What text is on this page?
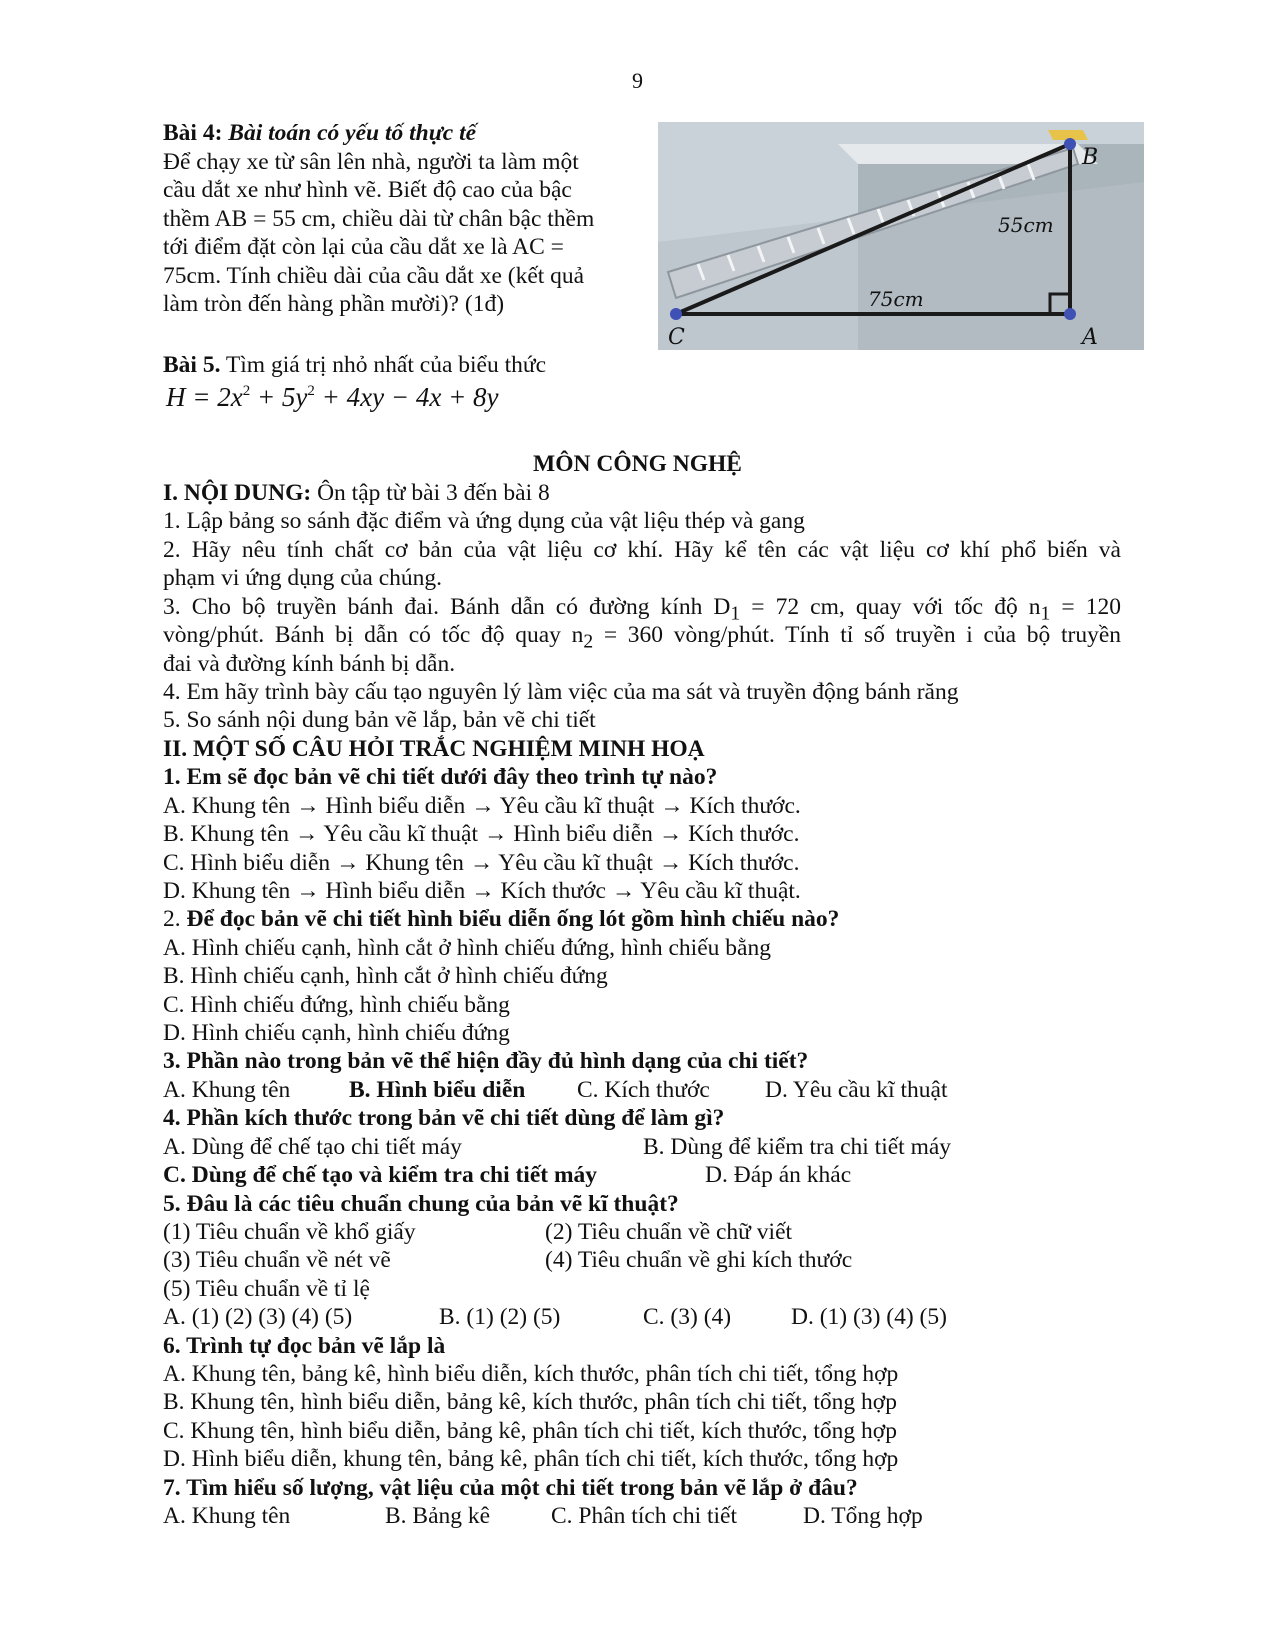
9
Bài 4: Bài toán có yếu tố thực tế
Để chạy xe từ sân lên nhà, người ta làm một
cầu dắt xe như hình vẽ. Biết độ cao của bậc
thềm AB = 55 cm, chiều dài từ chân bậc thềm
tới điểm đặt còn lại của cầu dắt xe là AC =
75cm. Tính chiều dài của cầu dắt xe (kết quả
làm tròn đến hàng phần mười)? (1đ)
B
A
C
55cm
75cm
Bài 5. Tìm giá trị nhỏ nhất của biểu thức
$H = 2x^2 + 5y^2 + 4xy - 4x + 8y$
MÔN CÔNG NGHỆ
I. NỘI DUNG: Ôn tập từ bài 3 đến bài 8
1. Lập bảng so sánh đặc điểm và ứng dụng của vật liệu thép và gang
2. Hãy nêu tính chất cơ bản của vật liệu cơ khí. Hãy kể tên các vật liệu cơ khí phổ biến và
phạm vi ứng dụng của chúng.
3. Cho bộ truyền bánh đai. Bánh dẫn có đường kính $D_1 = 72$ cm, quay với tốc độ $n_1 = 120$
vòng/phút. Bánh bị dẫn có tốc độ quay $n_2 = 360$ vòng/phút. Tính tỉ số truyền i của bộ truyền
đai và đường kính bánh bị dẫn.
4. Em hãy trình bày cấu tạo nguyên lý làm việc của ma sát và truyền động bánh răng
5. So sánh nội dung bản vẽ lắp, bản vẽ chi tiết
II. MỘT SỐ CÂU HỎI TRẮC NGHIỆM MINH HOẠ
1. Em sẽ đọc bản vẽ chi tiết dưới đây theo trình tự nào?
A. Khung tên → Hình biểu diễn → Yêu cầu kĩ thuật → Kích thước.
B. Khung tên → Yêu cầu kĩ thuật → Hình biểu diễn → Kích thước.
C. Hình biểu diễn → Khung tên → Yêu cầu kĩ thuật → Kích thước.
D. Khung tên → Hình biểu diễn → Kích thước → Yêu cầu kĩ thuật.
2. Để đọc bản vẽ chi tiết hình biểu diễn ống lót gồm hình chiếu nào?
A. Hình chiếu cạnh, hình cắt ở hình chiếu đứng, hình chiếu bằng
B. Hình chiếu cạnh, hình cắt ở hình chiếu đứng
C. Hình chiếu đứng, hình chiếu bằng
D. Hình chiếu cạnh, hình chiếu đứng
3. Phần nào trong bản vẽ thể hiện đầy đủ hình dạng của chi tiết?
A. Khung tên B. Hình biểu diễn C. Kích thước D. Yêu cầu kĩ thuật
4. Phần kích thước trong bản vẽ chi tiết dùng để làm gì?
A. Dùng để chế tạo chi tiết máy	B. Dùng để kiểm tra chi tiết máy
C. Dùng để chế tạo và kiểm tra chi tiết máy	D. Đáp án khác
5. Đâu là các tiêu chuẩn chung của bản vẽ kĩ thuật?
(1) Tiêu chuẩn về khổ giấy	(2) Tiêu chuẩn về chữ viết
(3) Tiêu chuẩn về nét vẽ	(4) Tiêu chuẩn về ghi kích thước
(5) Tiêu chuẩn về tỉ lệ
A. (1) (2) (3) (4) (5)	B. (1) (2) (5)	C. (3) (4)	D. (1) (3) (4) (5)
6. Trình tự đọc bản vẽ lắp là
A. Khung tên, bảng kê, hình biểu diễn, kích thước, phân tích chi tiết, tổng hợp
B. Khung tên, hình biểu diễn, bảng kê, kích thước, phân tích chi tiết, tổng hợp
C. Khung tên, hình biểu diễn, bảng kê, phân tích chi tiết, kích thước, tổng hợp
D. Hình biểu diễn, khung tên, bảng kê, phân tích chi tiết, kích thước, tổng hợp
7. Tìm hiểu số lượng, vật liệu của một chi tiết trong bản vẽ lắp ở đâu?
A. Khung tên	B. Bảng kê	C. Phân tích chi tiết	D. Tổng hợp
